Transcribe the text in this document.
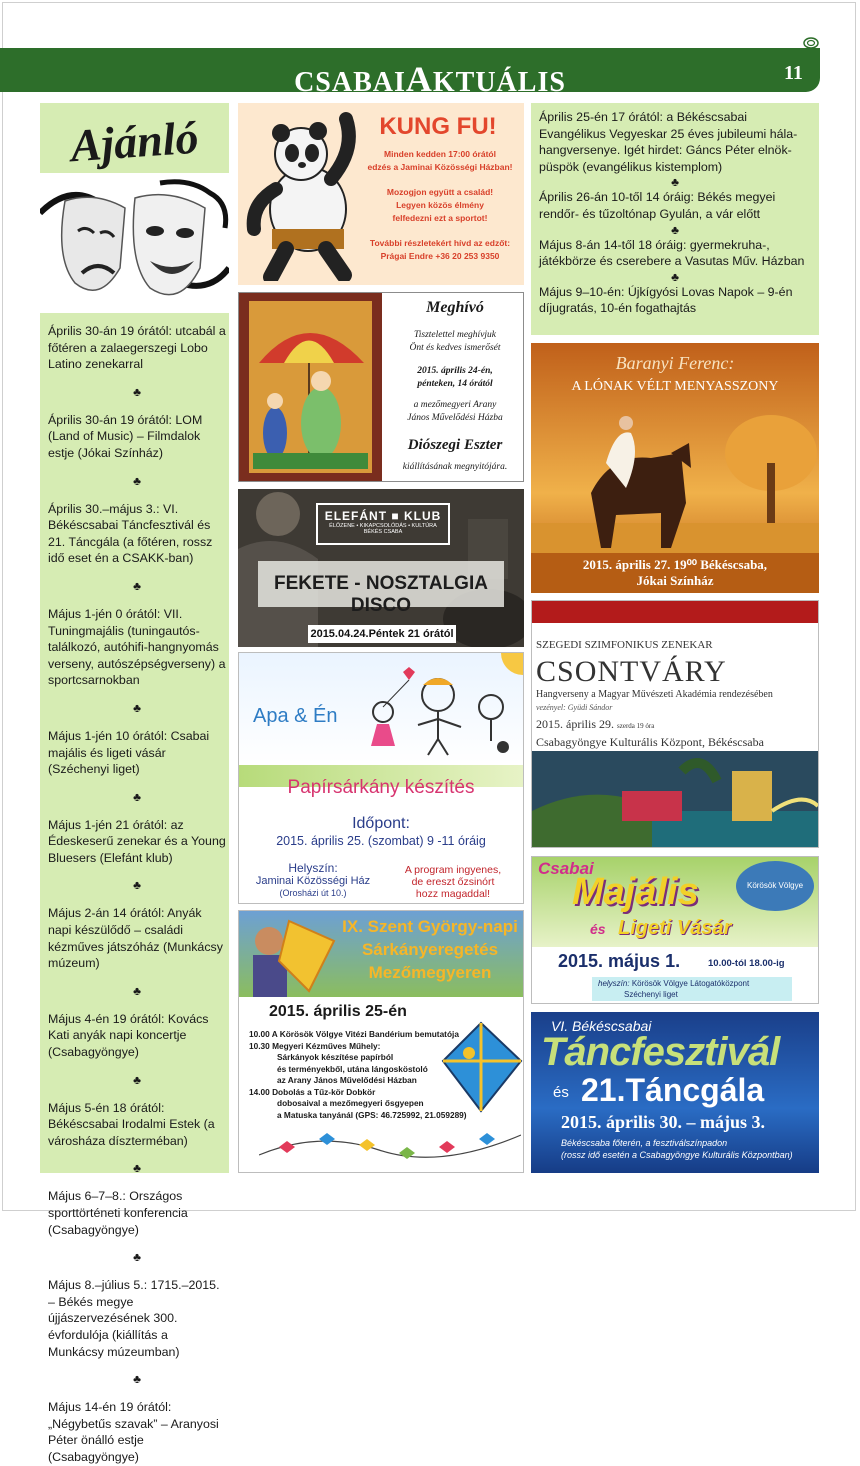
CSABAIAKTUÁLIS	11
Ajánló

Április 30-án 19 órától: utcabál a főtéren a zalaegerszegi Lobo Latino zenekarral

♣

Április 30-án 19 órától: LOM (Land of Music) – Filmdalok estje (Jókai Színház)

♣

Április 30.–május 3.: VI. Békéscsabai Táncfesztivál és 21. Táncgála (a főtéren, rossz idő eset én a CSAKK-ban)

♣

Május 1-jén 0 órától: VII. Tuningmajális (tuningautós-találkozó, autóhifi-hangnyomás verseny, autószépségverseny) a sportcsarnokban

♣

Május 1-jén 10 órától: Csabai majális és ligeti vásár (Széchenyi liget)

♣

Május 1-jén 21 órától: az Édeskeserű zenekar és a Young Bluesers (Elefánt klub)

♣

Május 2-án 14 órától: Anyák napi készülődő – családi kézműves játszóház (Munkácsy múzeum)

♣

Május 4-én 19 órától: Kovács Kati anyák napi koncertje (Csabagyöngye)

♣

Május 5-én 18 órától: Békéscsabai Irodalmi Estek (a városháza díszterméban)

♣

Május 6–7–8.: Országos sporttörténeti konferencia (Csabagyöngye)

♣

Május 8.–július 5.: 1715.–2015. – Békés megye újjászervezésének 300. évfordulója (kiállítás a Munkácsy múzeumban)

♣

Május 14-én 19 órától: „Négybetűs szavak” – Aranyosi Péter önálló estje (Csabagyöngye)

KUNG FU!
Minden kedden 17:00 órától
edzés a Jaminai Közösségi Házban!
Mozogjon együtt a család!
Legyen közös élmény
felfedezni ezt a sportot!
További részletekért hívd az edzőt:
Prágai Endre +36 20 253 9350
Meghívó
Tisztelettel meghívjuk
Önt és kedves ismerősét
2015. április 24-én,
pénteken, 14 órától
a mezőmegyeri Arany
János Művelődési Házba
Diószegi Eszter
kiállításának megnyitójára.
ELEFÁNT ■ KLUB
ÉLŐZENE • KIKAPCSOLÓDÁS • KULTÚRA
BÉKÉS CSABA
FEKETE - NOSZTALGIA DISCO
2015.04.24.Péntek 21 órától
Apa & Én
Papírsárkány készítés
Időpont:
2015. április 25. (szombat) 9 -11 óráig
Helyszín:
Jaminai Közösségi Ház
(Orosházi út 10.)
A program ingyenes,
de ereszt őzsinórt
hozz magaddal!
IX. Szent György-napi
Sárkányeregetés
Mezőmegyeren
2015. április 25-én
10.00 A Körösök Völgye Vitézi Bandérium bemutatója
10.30 Megyeri Kézműves Műhely:
Sárkányok készítése papírból
és terményekből, utána lángosköstoló
az Arany János Művelődési Házban
14.00 Dobolás a Tűz-kör Dobkör
dobosaival a mezőmegyeri ősgyepen
a Matuska tanyánál (GPS: 46.725992, 21.059289)

Április 25-én 17 órától: a Békéscsabai Evangélikus Vegyeskar 25 éves jubileumi hála-hangversenye. Igét hirdet: Gáncs Péter elnök-püspök (evangélikus kistemplom)

♣

Április 26-án 10-től 14 óráig: Békés megyei rendőr- és tűzoltónap Gyulán, a vár előtt

♣

Május 8-án 14-től 18 óráig: gyermekruha-, játékbörze és cserebere a Vasutas Műv. Házban

♣

Május 9–10-én: Újkígyósi Lovas Napok – 9-én díjugratás, 10-én fogathajtás

Baranyi Ferenc:
A LÓNAK VÉLT MENYASSZONY
2015. április 27. 19⁰⁰ Békéscsaba,
Jókai Színház
SZEGEDI SZIMFONIKUS ZENEKAR
CSONTVÁRY
Hangverseny a Magyar Művészeti Akadémia rendezésében
vezényel: Gyüdi Sándor
2015. április 29. szerda 19 óra
Csabagyöngye Kulturális Központ, Békéscsaba
Csabai
Majális
és Ligeti Vásár
Körösök Völgye
2015. május 1.	10.00-tól 18.00-ig
helyszín: Körösök Völgye Látogatóközpont
Széchenyi liget
VI. Békéscsabai
Táncfesztivál
és 21.Táncgála
2015. április 30. – május 3.
Békéscsaba főterén, a fesztiválszínpadon
(rossz idő esetén a Csabagyöngye Kulturális Központban)
